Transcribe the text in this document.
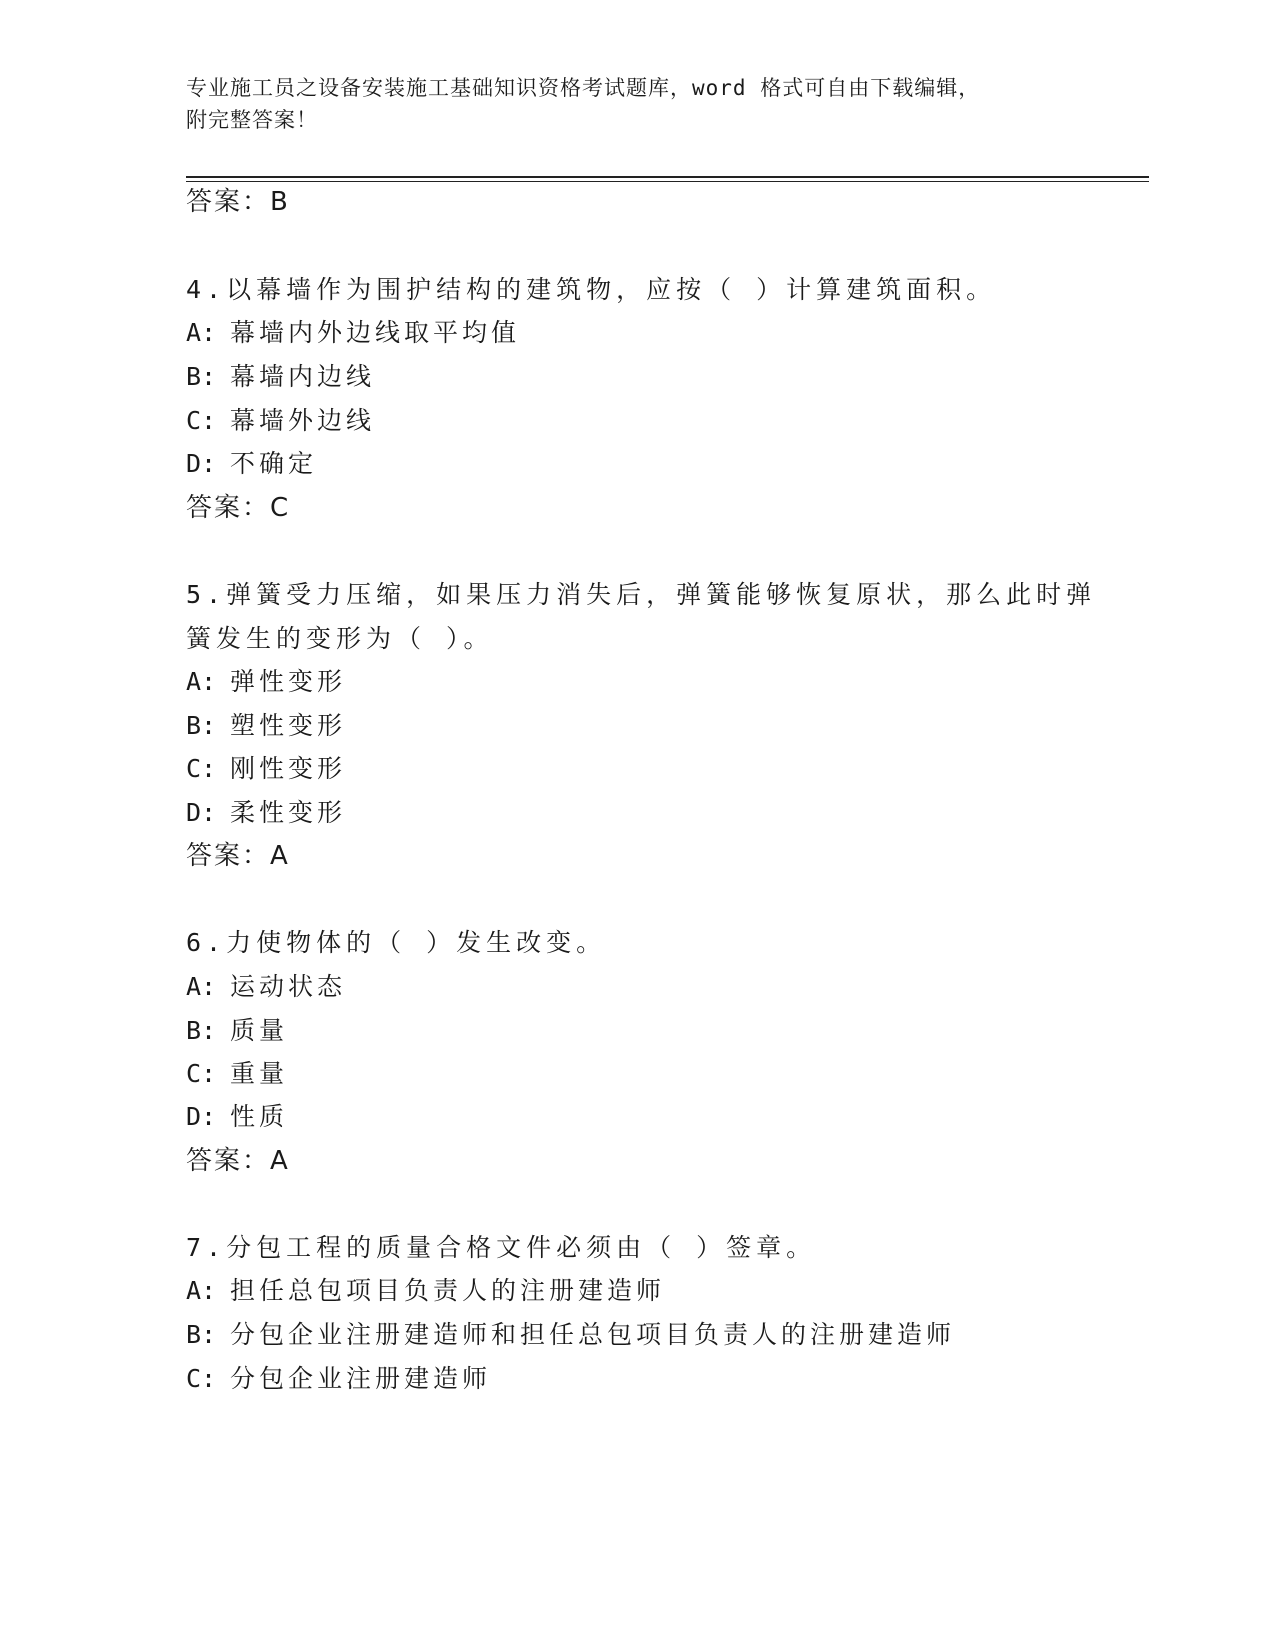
专业施工员之设备安装施工基础知识资格考试题库，word 格式可自由下载编辑，
附完整答案！
答案：B
4.以幕墙作为围护结构的建筑物，应按（ ）计算建筑面积。
A: 幕墙内外边线取平均值
B: 幕墙内边线
C: 幕墙外边线
D: 不确定
答案：C
5.弹簧受力压缩，如果压力消失后，弹簧能够恢复原状，那么此时弹
簧发生的变形为（ ）。
A: 弹性变形
B: 塑性变形
C: 刚性变形
D: 柔性变形
答案：A
6.力使物体的（ ）发生改变。
A: 运动状态
B: 质量
C: 重量
D: 性质
答案：A
7.分包工程的质量合格文件必须由（ ）签章。
A: 担任总包项目负责人的注册建造师
B: 分包企业注册建造师和担任总包项目负责人的注册建造师
C: 分包企业注册建造师
